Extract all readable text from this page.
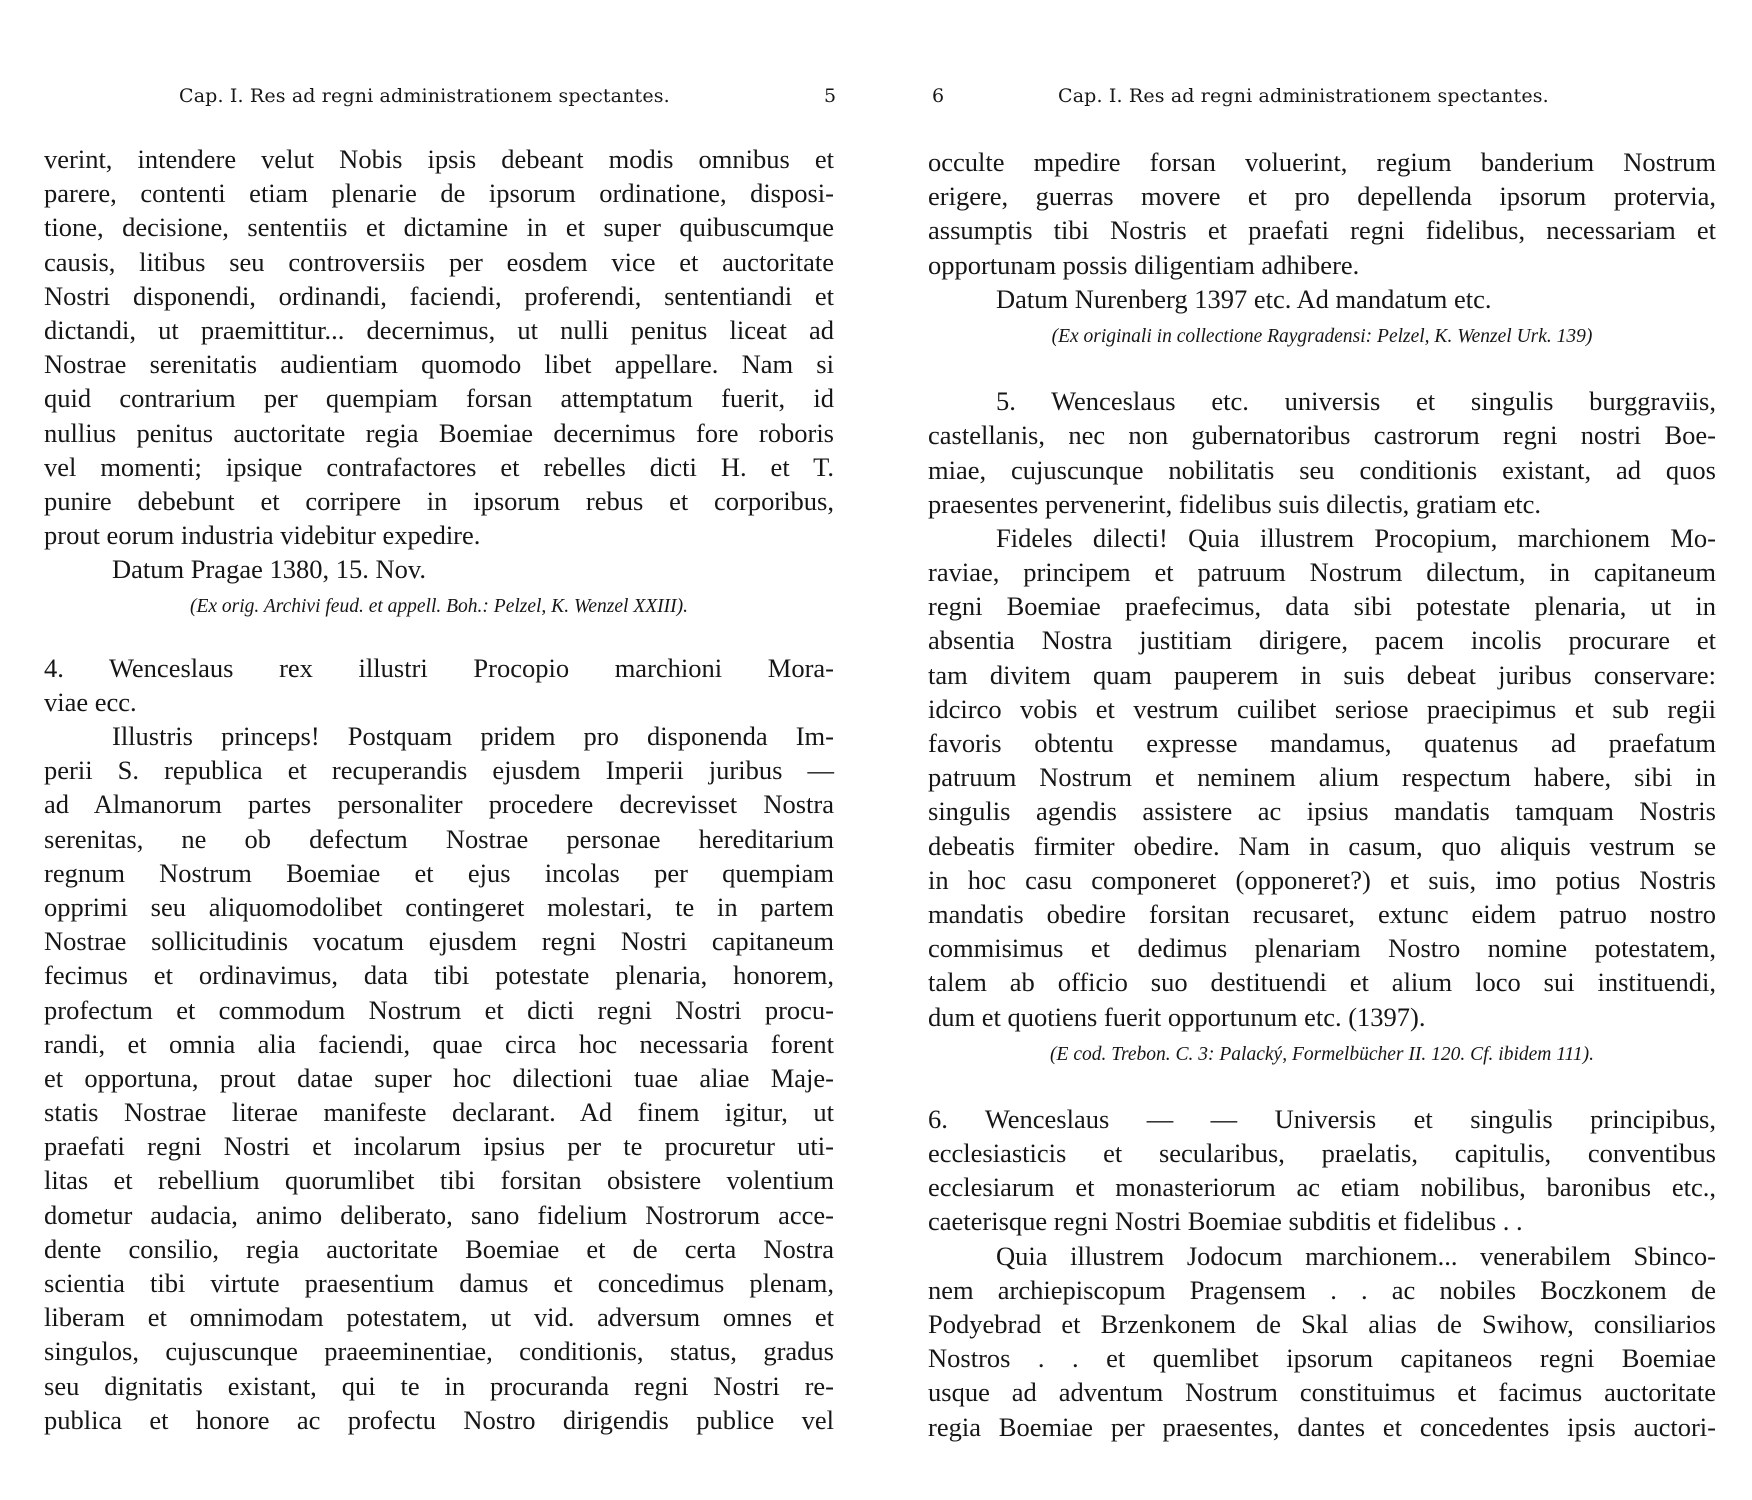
Cap. I. Res ad regni administrationem spectantes.	5
verint, intendere velut Nobis ipsis debeant modis omnibus et
parere, contenti etiam plenarie de ipsorum ordinatione, disposi-
tione, decisione, sententiis et dictamine in et super quibuscumque
causis, litibus seu controversiis per eosdem vice et auctoritate
Nostri disponendi, ordinandi, faciendi, proferendi, sententiandi et
dictandi, ut praemittitur... decernimus, ut nulli penitus liceat ad
Nostrae serenitatis audientiam quomodo libet appellare. Nam si
quid contrarium per quempiam forsan attemptatum fuerit, id
nullius penitus auctoritate regia Boemiae decernimus fore roboris
vel momenti; ipsique contrafactores et rebelles dicti H. et T.
punire debebunt et corripere in ipsorum rebus et corporibus,
prout eorum industria videbitur expedire.
Datum Pragae 1380, 15. Nov.
(Ex orig. Archivi feud. et appell. Boh.: Pelzel, K. Wenzel XXIII).
4. Wenceslaus rex illustri Procopio marchioni Mora-
viae ecc.
Illustris princeps! Postquam pridem pro disponenda Im-
perii S. republica et recuperandis ejusdem Imperii juribus —
ad Almanorum partes personaliter procedere decrevisset Nostra
serenitas, ne ob defectum Nostrae personae hereditarium
regnum Nostrum Boemiae et ejus incolas per quempiam
opprimi seu aliquomodolibet contingeret molestari, te in partem
Nostrae sollicitudinis vocatum ejusdem regni Nostri capitaneum
fecimus et ordinavimus, data tibi potestate plenaria, honorem,
profectum et commodum Nostrum et dicti regni Nostri procu-
randi, et omnia alia faciendi, quae circa hoc necessaria forent
et opportuna, prout datae super hoc dilectioni tuae aliae Maje-
statis Nostrae literae manifeste declarant. Ad finem igitur, ut
praefati regni Nostri et incolarum ipsius per te procuretur uti-
litas et rebellium quorumlibet tibi forsitan obsistere volentium
dometur audacia, animo deliberato, sano fidelium Nostrorum acce-
dente consilio, regia auctoritate Boemiae et de certa Nostra
scientia tibi virtute praesentium damus et concedimus plenam,
liberam et omnimodam potestatem, ut vid. adversum omnes et
singulos, cujuscunque praeeminentiae, conditionis, status, gradus
seu dignitatis existant, qui te in procuranda regni Nostri re-
publica et honore ac profectu Nostro dirigendis publice vel
6	Cap. I. Res ad regni administrationem spectantes.
occulte mpedire forsan voluerint, regium banderium Nostrum
erigere, guerras movere et pro depellenda ipsorum protervia,
assumptis tibi Nostris et praefati regni fidelibus, necessariam et
opportunam possis diligentiam adhibere.
Datum Nurenberg 1397 etc. Ad mandatum etc.
(Ex originali in collectione Raygradensi: Pelzel, K. Wenzel Urk. 139)
5. Wenceslaus etc. universis et singulis burggraviis,
castellanis, nec non gubernatoribus castrorum regni nostri Boe-
miae, cujuscunque nobilitatis seu conditionis existant, ad quos
praesentes pervenerint, fidelibus suis dilectis, gratiam etc.
Fideles dilecti! Quia illustrem Procopium, marchionem Mo-
raviae, principem et patruum Nostrum dilectum, in capitaneum
regni Boemiae praefecimus, data sibi potestate plenaria, ut in
absentia Nostra justitiam dirigere, pacem incolis procurare et
tam divitem quam pauperem in suis debeat juribus conservare:
idcirco vobis et vestrum cuilibet seriose praecipimus et sub regii
favoris obtentu expresse mandamus, quatenus ad praefatum
patruum Nostrum et neminem alium respectum habere, sibi in
singulis agendis assistere ac ipsius mandatis tamquam Nostris
debeatis firmiter obedire. Nam in casum, quo aliquis vestrum se
in hoc casu componeret (opponeret?) et suis, imo potius Nostris
mandatis obedire forsitan recusaret, extunc eidem patruo nostro
commisimus et dedimus plenariam Nostro nomine potestatem,
talem ab officio suo destituendi et alium loco sui instituendi,
dum et quotiens fuerit opportunum etc. (1397).
(E cod. Trebon. C. 3: Palacký, Formelbücher II. 120. Cf. ibidem 111).
6. Wenceslaus — — Universis et singulis principibus,
ecclesiasticis et secularibus, praelatis, capitulis, conventibus
ecclesiarum et monasteriorum ac etiam nobilibus, baronibus etc.,
caeterisque regni Nostri Boemiae subditis et fidelibus . .
Quia illustrem Jodocum marchionem... venerabilem Sbinco-
nem archiepiscopum Pragensem . . ac nobiles Boczkonem de
Podyebrad et Brzenkonem de Skal alias de Swihow, consiliarios
Nostros . . et quemlibet ipsorum capitaneos regni Boemiae
usque ad adventum Nostrum constituimus et facimus auctoritate
regia Boemiae per praesentes, dantes et concedentes ipsis auctori-
